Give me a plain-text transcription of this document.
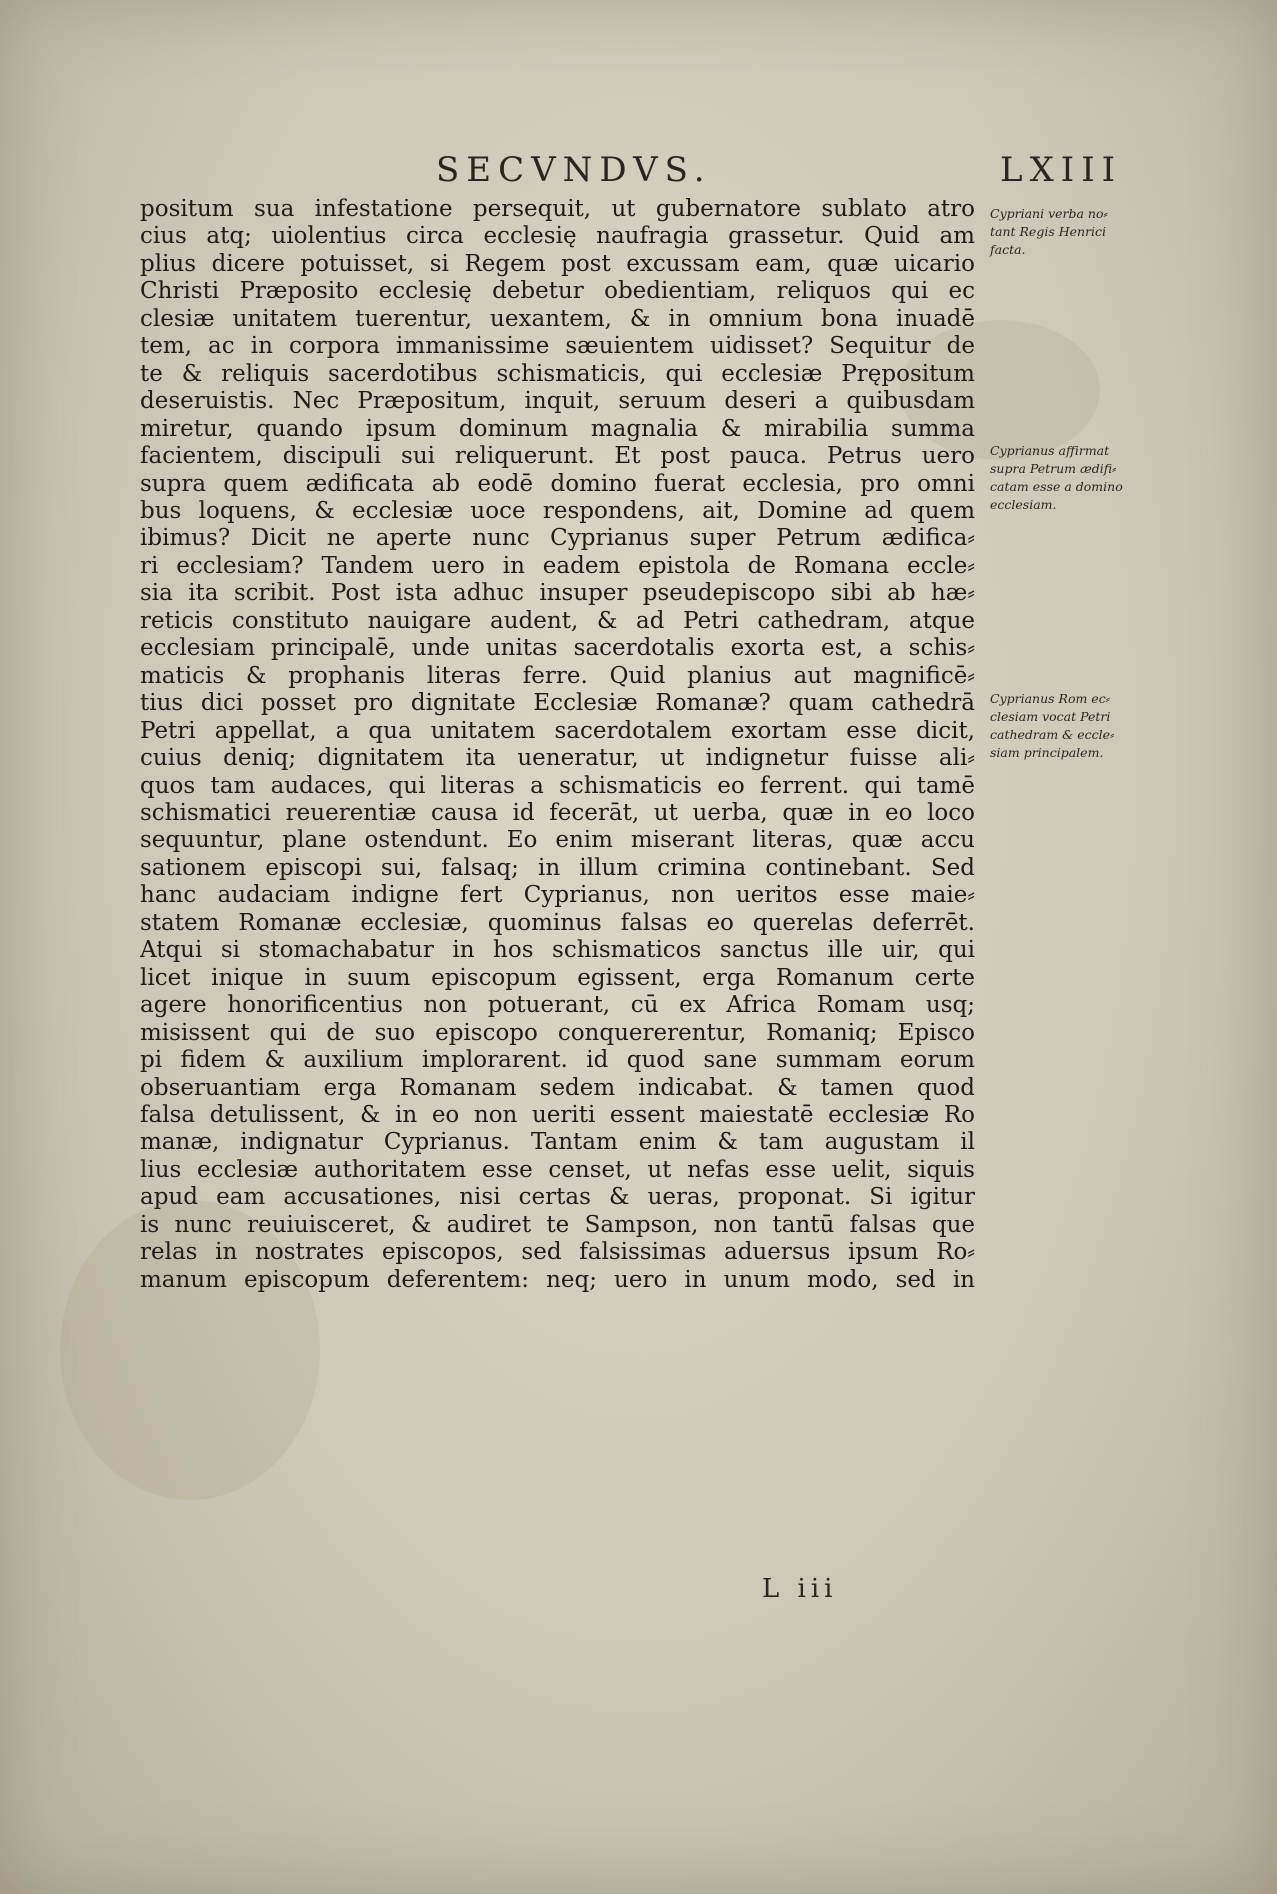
SECVNDVS.	LXIII
positum sua infestatione persequit, ut gubernatore sublato atro
cius atq; uiolentius circa ecclesię naufragia grassetur. Quid am
plius dicere potuisset, si Regem post excussam eam, quæ uicario
Christi Præposito ecclesię debetur obedientiam, reliquos qui ec
clesiæ unitatem tuerentur, uexantem, & in omnium bona inuadē
tem, ac in corpora immanissime sæuientem uidisset? Sequitur de
te & reliquis sacerdotibus schismaticis, qui ecclesiæ Prępositum
deseruistis. Nec Præpositum, inquit, seruum deseri a quibusdam
miretur, quando ipsum dominum magnalia & mirabilia summa
facientem, discipuli sui reliquerunt. Et post pauca. Petrus uero
supra quem ædificata ab eodē domino fuerat ecclesia, pro omni
bus loquens, & ecclesiæ uoce respondens, ait, Domine ad quem
ibimus? Dicit ne aperte nunc Cyprianus super Petrum ædifica⸗
ri ecclesiam? Tandem uero in eadem epistola de Romana eccle⸗
sia ita scribit. Post ista adhuc insuper pseudepiscopo sibi ab hæ⸗
reticis constituto nauigare audent, & ad Petri cathedram, atque
ecclesiam principalē, unde unitas sacerdotalis exorta est, a schis⸗
maticis & prophanis literas ferre. Quid planius aut magnificē⸗
tius dici posset pro dignitate Ecclesiæ Romanæ? quam cathedrā
Petri appellat, a qua unitatem sacerdotalem exortam esse dicit,
cuius deniq; dignitatem ita ueneratur, ut indignetur fuisse ali⸗
quos tam audaces, qui literas a schismaticis eo ferrent. qui tamē
schismatici reuerentiæ causa id fecerāt, ut uerba, quæ in eo loco
sequuntur, plane ostendunt. Eo enim miserant literas, quæ accu
sationem episcopi sui, falsaq; in illum crimina continebant. Sed
hanc audaciam indigne fert Cyprianus, non ueritos esse maie⸗
statem Romanæ ecclesiæ, quominus falsas eo querelas deferrēt.
Atqui si stomachabatur in hos schismaticos sanctus ille uir, qui
licet inique in suum episcopum egissent, erga Romanum certe
agere honorificentius non potuerant, cū ex Africa Romam usq;
misissent qui de suo episcopo conquererentur, Romaniq; Episco
pi fidem & auxilium implorarent. id quod sane summam eorum
obseruantiam erga Romanam sedem indicabat. & tamen quod
falsa detulissent, & in eo non ueriti essent maiestatē ecclesiæ Ro
manæ, indignatur Cyprianus. Tantam enim & tam augustam il
lius ecclesiæ authoritatem esse censet, ut nefas esse uelit, siquis
apud eam accusationes, nisi certas & ueras, proponat. Si igitur
is nunc reuiuisceret, & audiret te Sampson, non tantū falsas que
relas in nostrates episcopos, sed falsissimas aduersus ipsum Ro⸗
manum episcopum deferentem: neq; uero in unum modo, sed in
Cypriani verba no⸗
tant Regis Henrici
facta.
Cyprianus affirmat
supra Petrum ædifi⸗
catam esse a domino
ecclesiam.
Cyprianus Rom ec⸗
clesiam vocat Petri
cathedram & eccle⸗
siam principalem.
L iii
